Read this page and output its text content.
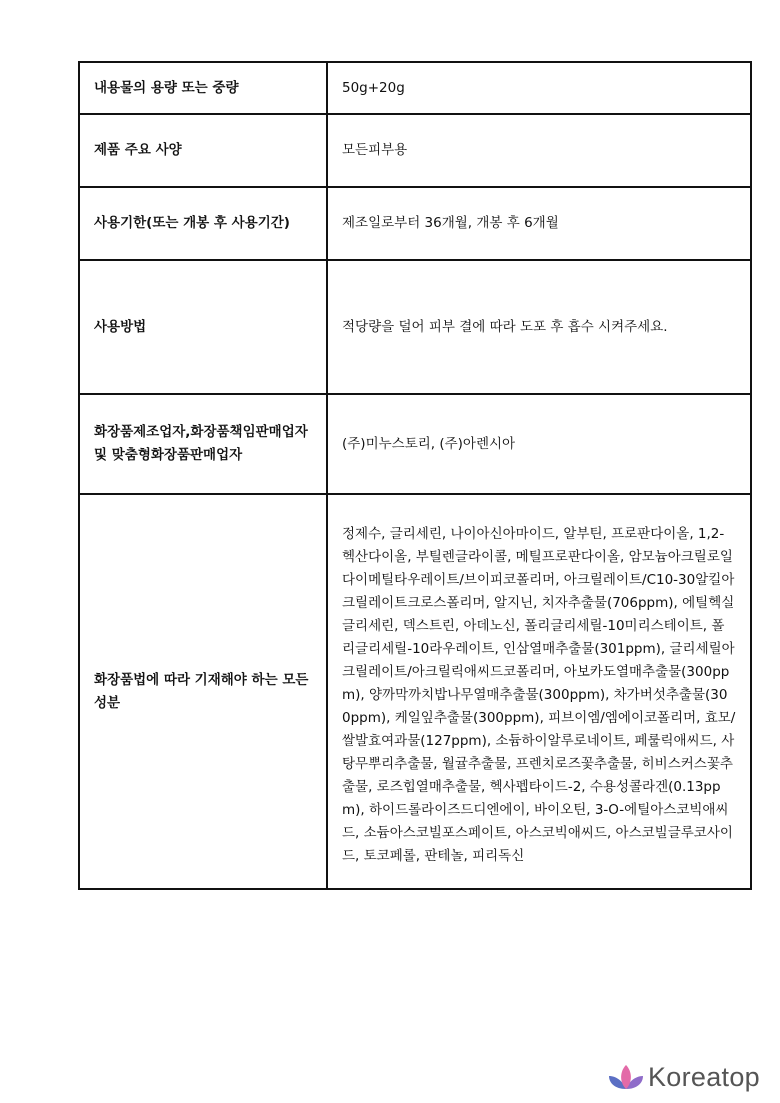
내용물의 용량 또는 중량	50g+20g
제품 주요 사양	모든피부용
사용기한(또는 개봉 후 사용기간)	제조일로부터 36개월, 개봉 후 6개월
사용방법	적당량을 덜어 피부 결에 따라 도포 후 흡수 시켜주세요.
화장품제조업자,화장품책임판매업자 및 맞춤형화장품판매업자	(주)미누스토리, (주)아렌시아
화장품법에 따라 기재해야 하는 모든 성분	정제수, 글리세린, 나이아신아마이드, 알부틴, 프로판다이올, 1,2-헥산다이올, 부틸렌글라이콜, 메틸프로판다이올, 암모늄아크릴로일다이메틸타우레이트/브이피코폴리머, 아크릴레이트/C10-30알킬아크릴레이트크로스폴리머, 알지닌, 치자추출물(706ppm), 에틸헥실글리세린, 덱스트린, 아데노신, 폴리글리세릴-10미리스테이트, 폴리글리세릴-10라우레이트, 인삼열매추출물(301ppm), 글리세릴아크릴레이트/아크릴릭애씨드코폴리머, 아보카도열매추출물(300ppm), 양까막까치밥나무열매추출물(300ppm), 차가버섯추출물(300ppm), 케일잎추출물(300ppm), 피브이엠/엠에이코폴리머, 효모/쌀발효여과물(127ppm), 소듐하이알루로네이트, 페룰릭애씨드, 사탕무뿌리추출물, 월귤추출물, 프렌치로즈꽃추출물, 히비스커스꽃추출물, 로즈힙열매추출물, 헥사펩타이드-2, 수용성콜라겐(0.13ppm), 하이드롤라이즈드디엔에이, 바이오틴, 3-O-에틸아스코빅애씨드, 소듐아스코빌포스페이트, 아스코빅애씨드, 아스코빌글루코사이드, 토코페롤, 판테놀, 피리독신
Koreatop
